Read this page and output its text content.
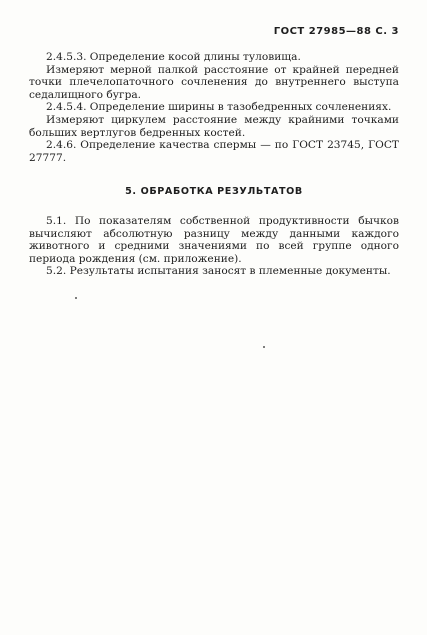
ГОСТ 27985—88 С. 3

2.4.5.3. Определение косой длины туловища.

Измеряют мерной палкой расстояние от крайней передней точки плечелопаточного сочленения до внутреннего выступа седалищного бугра.

2.4.5.4. Определение ширины в тазобедренных сочленениях.

Измеряют циркулем расстояние между крайними точками больших вертлугов бедренных костей.

2.4.6. Определение качества спермы — по ГОСТ 23745, ГОСТ 27777.

5. ОБРАБОТКА РЕЗУЛЬТАТОВ

5.1. По показателям собственной продуктивности бычков вычисляют абсолютную разницу между данными каждого животного и средними значениями по всей группе одного периода рождения (см. приложение).

5.2. Результаты испытания заносят в племенные документы.
